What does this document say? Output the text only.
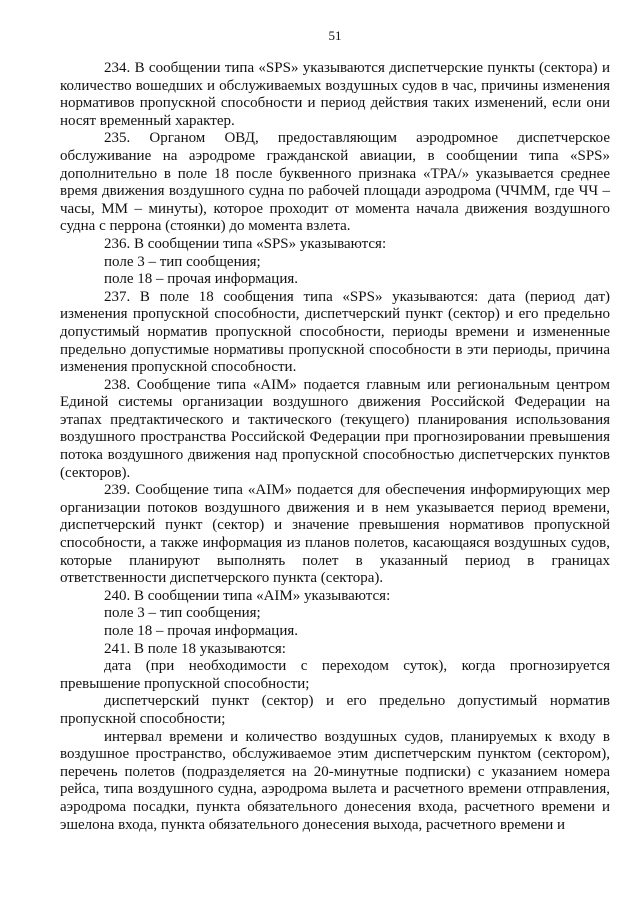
51

234. В сообщении типа «SPS» указываются диспетчерские пункты (сектора) и количество вошедших и обслуживаемых воздушных судов в час, причины изменения нормативов пропускной способности и период действия таких изменений, если они носят временный характер.

235. Органом ОВД, предоставляющим аэродромное диспетчерское обслуживание на аэродроме гражданской авиации, в сообщении типа «SPS» дополнительно в поле 18 после буквенного признака «TPA/» указывается среднее время движения воздушного судна по рабочей площади аэродрома (ЧЧММ, где ЧЧ – часы, ММ – минуты), которое проходит от момента начала движения воздушного судна с перрона (стоянки) до момента взлета.

236. В сообщении типа «SPS» указываются:

поле 3 – тип сообщения;

поле 18 – прочая информация.

237. В поле 18 сообщения типа «SPS» указываются: дата (период дат) изменения пропускной способности, диспетчерский пункт (сектор) и его предельно допустимый норматив пропускной способности, периоды времени и измененные предельно допустимые нормативы пропускной способности в эти периоды, причина изменения пропускной способности.

238. Сообщение типа «AIM» подается главным или региональным центром Единой системы организации воздушного движения Российской Федерации на этапах предтактического и тактического (текущего) планирования использования воздушного пространства Российской Федерации при прогнозировании превышения потока воздушного движения над пропускной способностью диспетчерских пунктов (секторов).

239. Сообщение типа «AIM» подается для обеспечения информирующих мер организации потоков воздушного движения и в нем указывается период времени, диспетчерский пункт (сектор) и значение превышения нормативов пропускной способности, а также информация из планов полетов, касающаяся воздушных судов, которые планируют выполнять полет в указанный период в границах ответственности диспетчерского пункта (сектора).

240. В сообщении типа «AIM» указываются:

поле 3 – тип сообщения;

поле 18 – прочая информация.

241. В поле 18 указываются:

дата (при необходимости с переходом суток), когда прогнозируется превышение пропускной способности;

диспетчерский пункт (сектор) и его предельно допустимый норматив пропускной способности;

интервал времени и количество воздушных судов, планируемых к входу в воздушное пространство, обслуживаемое этим диспетчерским пунктом (сектором), перечень полетов (подразделяется на 20-минутные подписки) с указанием номера рейса, типа воздушного судна, аэродрома вылета и расчетного времени отправления, аэродрома посадки, пункта обязательного донесения входа, расчетного времени и эшелона входа, пункта обязательного донесения выхода, расчетного времени и
